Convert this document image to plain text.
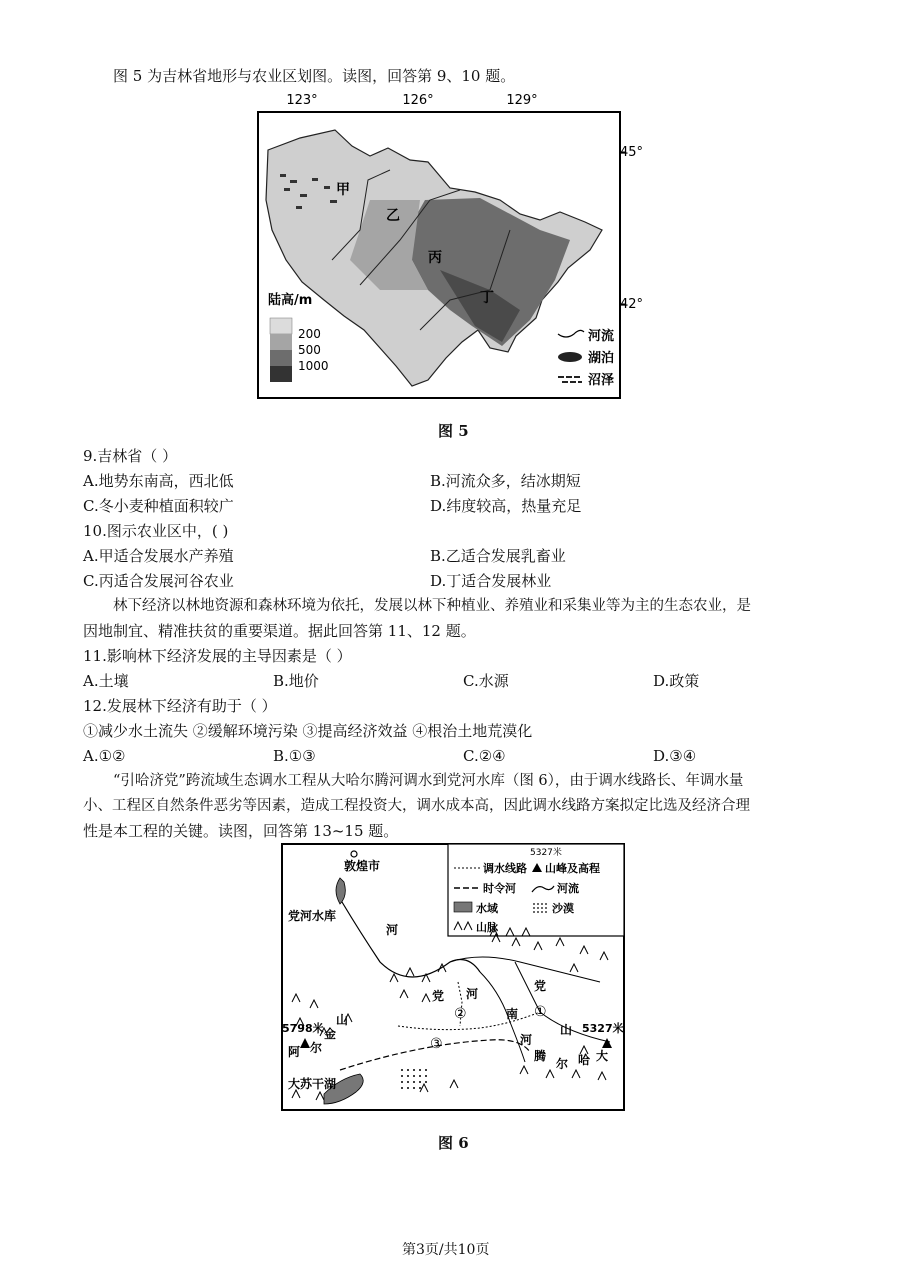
图 5 为吉林省地形与农业区划图。读图，回答第 9、10 题。
123°	126°	129°
45°
42°
甲
乙
丙
丁
陆高/m
200
500
1000
河流
湖泊
沼泽
图 5
9.吉林省（ ）
A.地势东南高，西北低	B.河流众多，结冰期短
C.冬小麦种植面积较广	D.纬度较高，热量充足
10.图示农业区中，( )
A.甲适合发展水产养殖	B.乙适合发展乳畜业
C.丙适合发展河谷农业	D.丁适合发展林业
林下经济以林地资源和森林环境为依托，发展以林下种植业、养殖业和采集业等为主的生态农业，是
因地制宜、精准扶贫的重要渠道。据此回答第 11、12 题。
11.影响林下经济发展的主导因素是（ ）
A.土壤	B.地价	C.水源	D.政策
12.发展林下经济有助于（ ）
①减少水土流失 ②缓解环境污染 ③提高经济效益 ④根治土地荒漠化
A.①②	B.①③	C.②④	D.③④
“引哈济党”跨流域生态调水工程从大哈尔腾河调水到党河水库（图 6），由于调水线路长、年调水量
小、工程区自然条件恶劣等因素，造成工程投资大，调水成本高，因此调水线路方案拟定比选及经济合理
性是本工程的关键。读图，回答第 13~15 题。
5327米
调水线路 山峰及高程
时令河	河流
水域	沙漠
山脉
敦煌市
党河水库
大苏干湖
5798米	5327米
河
党 河
南
党
山
河
腾
尔 哈 大
山
金
尔
阿
①
②
③
图 6
第3页/共10页
